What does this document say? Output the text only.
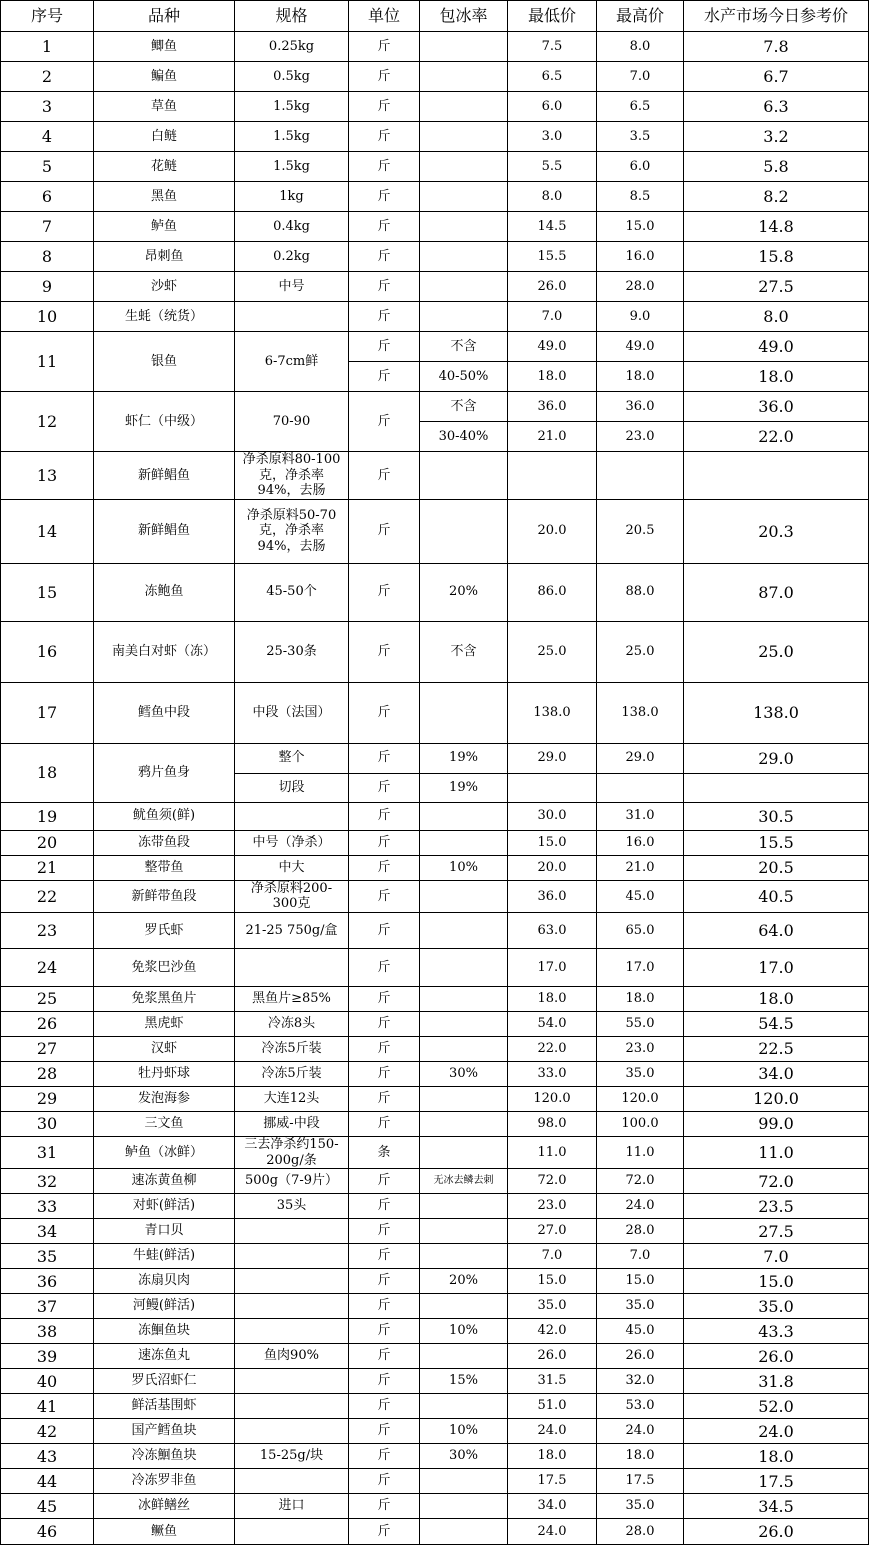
序号	品种	规格	单位	包冰率	最低价	最高价	水产市场今日参考价
1	鲫鱼	0.25kg	斤		7.5	8.0	7.8
2	鳊鱼	0.5kg	斤		6.5	7.0	6.7
3	草鱼	1.5kg	斤		6.0	6.5	6.3
4	白鲢	1.5kg	斤		3.0	3.5	3.2
5	花鲢	1.5kg	斤		5.5	6.0	5.8
6	黑鱼	1kg	斤		8.0	8.5	8.2
7	鲈鱼	0.4kg	斤		14.5	15.0	14.8
8	昂刺鱼	0.2kg	斤		15.5	16.0	15.8
9	沙虾	中号	斤		26.0	28.0	27.5
10	生蚝（统货）		斤		7.0	9.0	8.0
11	银鱼	6-7cm鲜	斤	不含	49.0	49.0	49.0
			斤	40-50%	18.0	18.0	18.0
12	虾仁（中级）	70-90	斤	不含	36.0	36.0	36.0
				30-40%	21.0	23.0	22.0
13	新鲜鲳鱼	净杀原料80-100克，净杀率94%，去肠	斤				
14	新鲜鲳鱼	净杀原料50-70克，净杀率94%，去肠	斤		20.0	20.5	20.3
15	冻鲍鱼	45-50个	斤	20%	86.0	88.0	87.0
16	南美白对虾（冻）	25-30条	斤	不含	25.0	25.0	25.0
17	鳕鱼中段	中段（法国）	斤		138.0	138.0	138.0
18	鸦片鱼身	整个	斤	19%	29.0	29.0	29.0
		切段	斤	19%			
19	鱿鱼须(鲜)		斤		30.0	31.0	30.5
20	冻带鱼段	中号（净杀）	斤		15.0	16.0	15.5
21	整带鱼	中大	斤	10%	20.0	21.0	20.5
22	新鲜带鱼段	净杀原料200-300克	斤		36.0	45.0	40.5
23	罗氏虾	21-25 750g/盒	斤		63.0	65.0	64.0
24	免浆巴沙鱼		斤		17.0	17.0	17.0
25	免浆黑鱼片	黑鱼片≥85%	斤		18.0	18.0	18.0
26	黑虎虾	冷冻8头	斤		54.0	55.0	54.5
27	汉虾	冷冻5斤装	斤		22.0	23.0	22.5
28	牡丹虾球	冷冻5斤装	斤	30%	33.0	35.0	34.0
29	发泡海参	大连12头	斤		120.0	120.0	120.0
30	三文鱼	挪威-中段	斤		98.0	100.0	99.0
31	鲈鱼（冰鲜）	三去净杀约150-200g/条	条		11.0	11.0	11.0
32	速冻黄鱼柳	500g（7-9片）	斤	无冰去鳞去刺	72.0	72.0	72.0
33	对虾(鲜活)	35头	斤		23.0	24.0	23.5
34	青口贝		斤		27.0	28.0	27.5
35	牛蛙(鲜活)		斤		7.0	7.0	7.0
36	冻扇贝肉		斤	20%	15.0	15.0	15.0
37	河鳗(鲜活)		斤		35.0	35.0	35.0
38	冻鮰鱼块		斤	10%	42.0	45.0	43.3
39	速冻鱼丸	鱼肉90%	斤		26.0	26.0	26.0
40	罗氏沼虾仁		斤	15%	31.5	32.0	31.8
41	鲜活基围虾		斤		51.0	53.0	52.0
42	国产鳕鱼块		斤	10%	24.0	24.0	24.0
43	冷冻鮰鱼块	15-25g/块	斤	30%	18.0	18.0	18.0
44	冷冻罗非鱼		斤		17.5	17.5	17.5
45	冰鲜鳝丝	进口	斤		34.0	35.0	34.5
46	鳜鱼		斤		24.0	28.0	26.0
